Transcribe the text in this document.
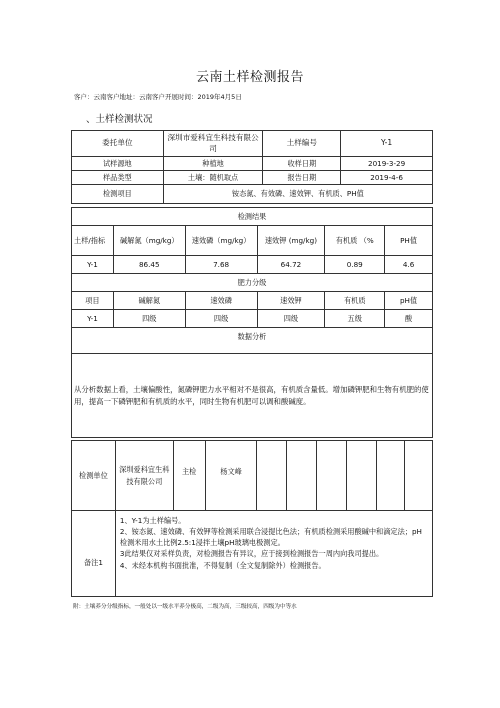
云南土样检测报告
客户：云南客户地址：云南客户开展时间：2019年4月5日
、土样检测状况
委托单位	深圳市爱科宜生科技有限公司	土样编号	Y-1
试样源地	种植地	收样日期	2019-3-29
样品类型	土壤：随机取点	报告日期	2019-4-6
检测项目	铵态氮、有效磷、速效钾、有机质、PH值		
检测结果					
土样/指标	碱解氮（mg/kg）	速效磷（mg/kg）	速效钾 (mg/kg)	有机质 （%	PH值
Y-1	86.45	7.68	64.72	0.89	4.6
肥力分级					
项目	碱解氮	速效磷	速效钾	有机质	pH值
Y-1	四级	四级	四级	五级	酸
数据分析					
从分析数据上看，土壤偏酸性，氮磷钾肥力水平相对不是很高，有机质含量低。增加磷钾肥和生物有机肥的使用，提高一下磷钾肥和有机质的水平，同时生物有机肥可以调和酸碱度。					
检测单位	深圳爱科宜生科技有限公司	主检	杨文峰						
备注1	1、Y-1为土样编号。
2、铵态氮、速效磷、有效钾等检测采用联合浸提比色法；有机质检测采用酸碱中和滴定法；pH检测米用水土比例2.5:1浸拌土壤pH玻璃电极测定。
3此结果仅对采样负责，对检测报告有异议，应于接到检测报告一周内向我司提出。
4、未经本机构书面批准，不得复制（全文复制除外）检测报告。								
附：土壤养分分级指标，一般处以一级水平养分极高，二级为高，三级较高，四级为中等水
